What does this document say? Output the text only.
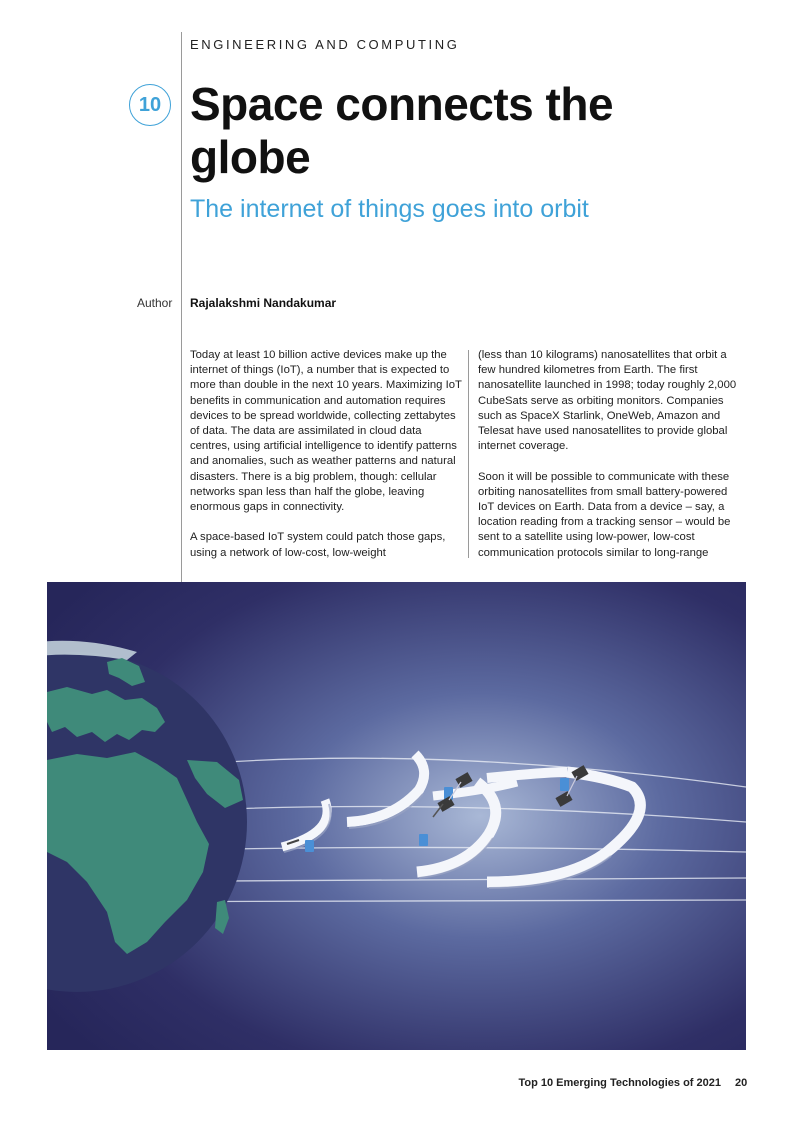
ENGINEERING AND COMPUTING
10 Space connects the globe
The internet of things goes into orbit
Author Rajalakshmi Nandakumar

Today at least 10 billion active devices make up the internet of things (IoT), a number that is expected to more than double in the next 10 years. Maximizing IoT benefits in communication and automation requires devices to be spread worldwide, collecting zettabytes of data. The data are assimilated in cloud data centres, using artificial intelligence to identify patterns and anomalies, such as weather patterns and natural disasters. There is a big problem, though: cellular networks span less than half the globe, leaving enormous gaps in connectivity.

A space-based IoT system could patch those gaps, using a network of low-cost, low-weight

(less than 10 kilograms) nanosatellites that orbit a few hundred kilometres from Earth. The first nanosatellite launched in 1998; today roughly 2,000 CubeSats serve as orbiting monitors. Companies such as SpaceX Starlink, OneWeb, Amazon and Telesat have used nanosatellites to provide global internet coverage.

Soon it will be possible to communicate with these orbiting nanosatellites from small battery-powered IoT devices on Earth. Data from a device – say, a location reading from a tracking sensor – would be sent to a satellite using low-power, low-cost communication protocols similar to long-range

Top 10 Emerging Technologies of 2021 20
